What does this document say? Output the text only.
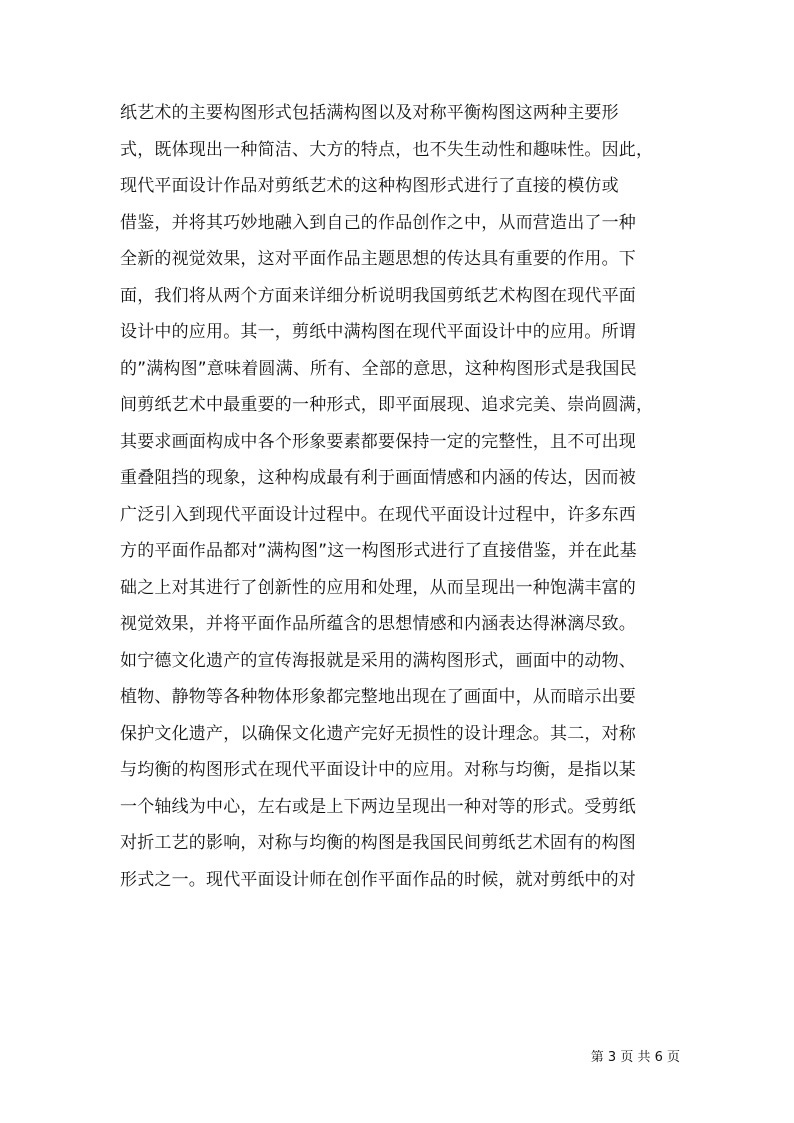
纸艺术的主要构图形式包括满构图以及对称平衡构图这两种主要形
式，既体现出一种简洁、大方的特点，也不失生动性和趣味性。因此，
现代平面设计作品对剪纸艺术的这种构图形式进行了直接的模仿或
借鉴，并将其巧妙地融入到自己的作品创作之中，从而营造出了一种
全新的视觉效果，这对平面作品主题思想的传达具有重要的作用。下
面，我们将从两个方面来详细分析说明我国剪纸艺术构图在现代平面
设计中的应用。其一，剪纸中满构图在现代平面设计中的应用。所谓
的”满构图”意味着圆满、所有、全部的意思，这种构图形式是我国民
间剪纸艺术中最重要的一种形式，即平面展现、追求完美、崇尚圆满，
其要求画面构成中各个形象要素都要保持一定的完整性，且不可出现
重叠阻挡的现象，这种构成最有利于画面情感和内涵的传达，因而被
广泛引入到现代平面设计过程中。在现代平面设计过程中，许多东西
方的平面作品都对”满构图”这一构图形式进行了直接借鉴，并在此基
础之上对其进行了创新性的应用和处理，从而呈现出一种饱满丰富的
视觉效果，并将平面作品所蕴含的思想情感和内涵表达得淋漓尽致。
如宁德文化遗产的宣传海报就是采用的满构图形式，画面中的动物、
植物、静物等各种物体形象都完整地出现在了画面中，从而暗示出要
保护文化遗产，以确保文化遗产完好无损性的设计理念。其二，对称
与均衡的构图形式在现代平面设计中的应用。对称与均衡，是指以某
一个轴线为中心，左右或是上下两边呈现出一种对等的形式。受剪纸
对折工艺的影响，对称与均衡的构图是我国民间剪纸艺术固有的构图
形式之一。现代平面设计师在创作平面作品的时候，就对剪纸中的对
第 3 页 共 6 页
